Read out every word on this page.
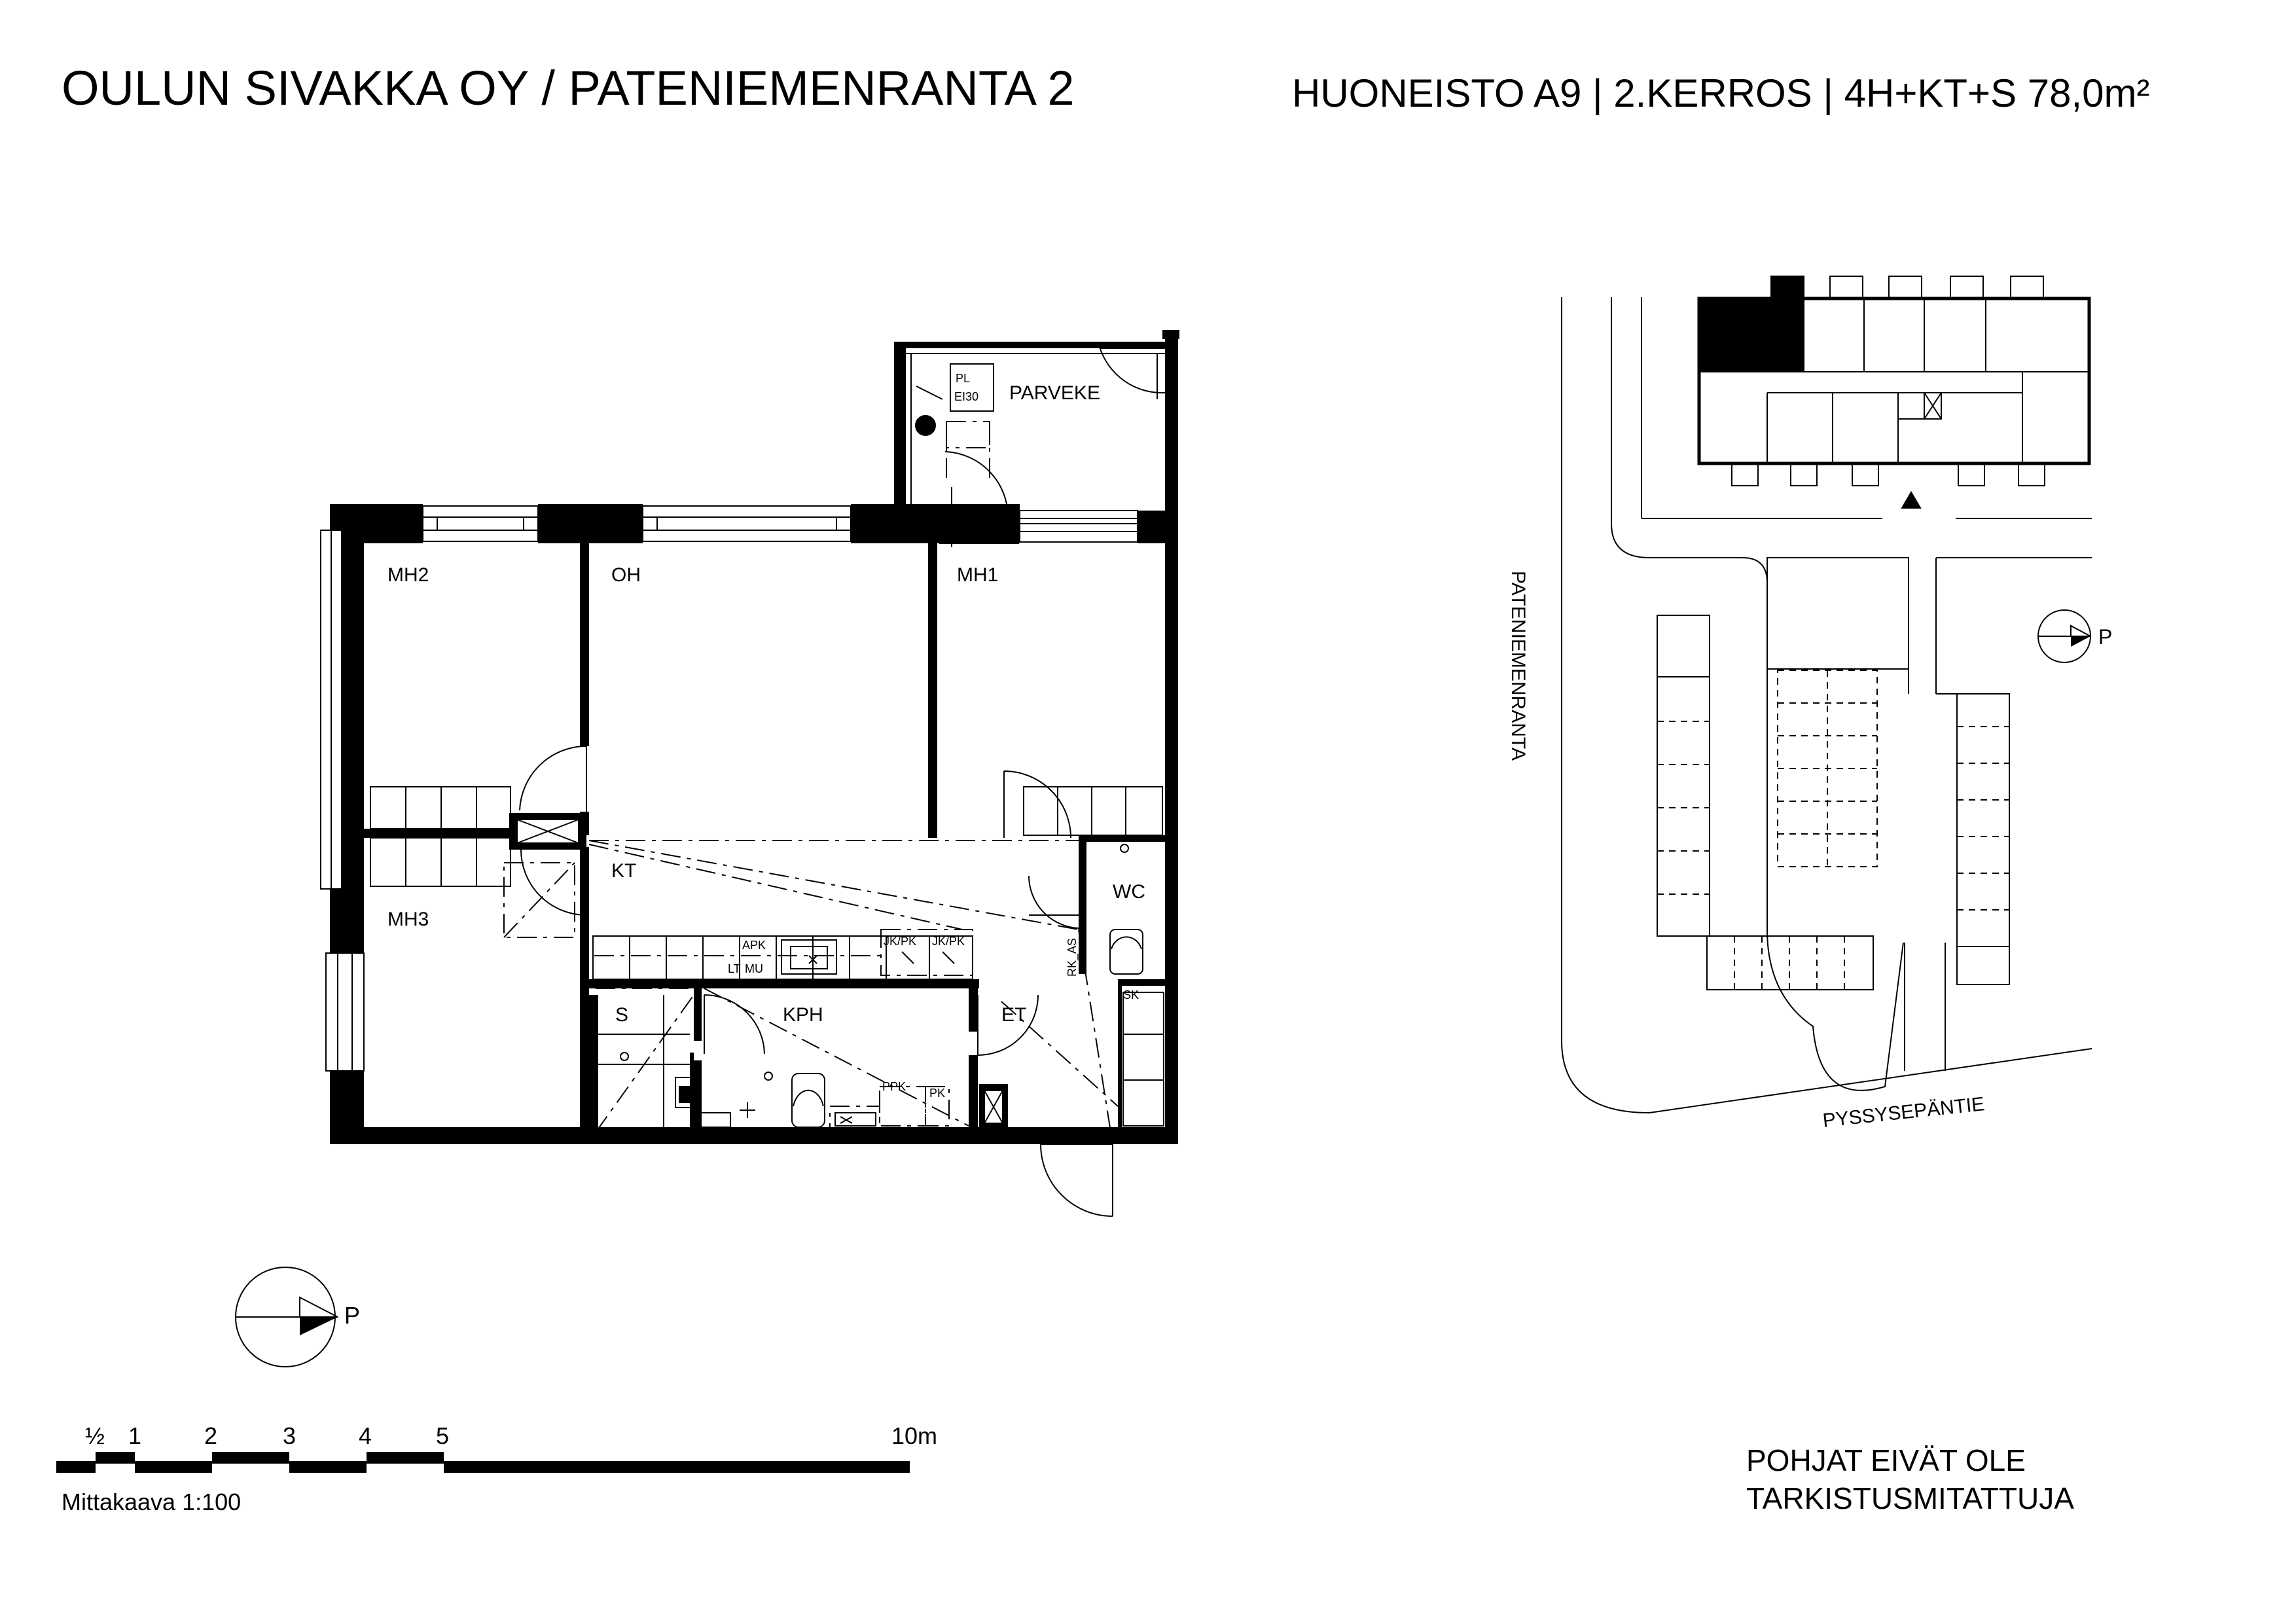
OULUN SIVAKKA OY / PATENIEMENRANTA 2	HUONEISTO A9 | 2.KERROS | 4H+KT+S 78,0m²
MH2	OH	MH1
MH3
KT
S	KPH	ET
WC
PARVEKE
PL
EI30
APK
LT MU
JK/PK JK/PK
PPK PK
SK
RK_AS
P
PATENIEMENRANTA
PYSSYSEPÄNTIE
P
½ 1	2	3	4	5	10m
Mittakaava 1:100
POHJAT EIVÄT OLE
TARKISTUSMITATTUJA
